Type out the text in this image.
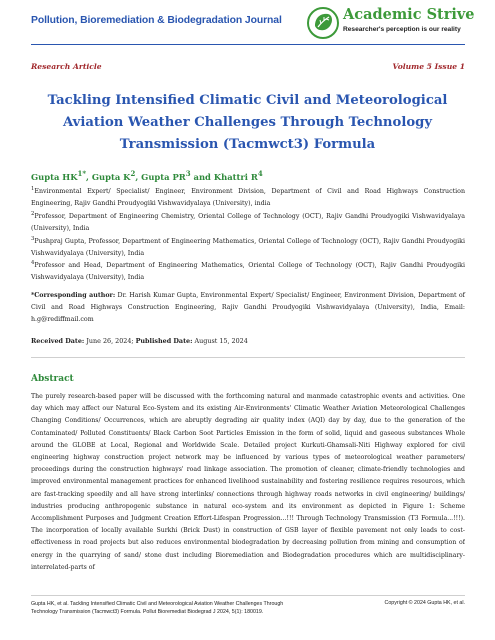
Pollution, Bioremediation & Biodegradation Journal	Academic Strive
Researcher's perception is our reality
Research Article	Volume 5 Issue 1
Tackling Intensified Climatic Civil and Meteorological Aviation Weather Challenges Through Technology Transmission (Tacmwct3) Formula
Gupta $HK^{1*}$, Gupta $K^2$, Gupta $PR^3$ and Khattri $R^4$
$^1$Environmental Expert/ Specialist/ Engineer, Environment Division, Department of Civil and Road Highways Construction Engineering, Rajiv Gandhi Proudyogiki Vishwavidyalaya (University), india
$^2$Professor, Department of Engineering Chemistry, Oriental College of Technology (OCT), Rajiv Gandhi Proudyogiki Vishwavidyalaya (University), India
$^3$Pushpraj Gupta, Professor, Department of Engineering Mathematics, Oriental College of Technology (OCT), Rajiv Gandhi Proudyogiki Vishwavidyalaya (University), India
$^4$Professor and Head, Department of Engineering Mathematics, Oriental College of Technology (OCT), Rajiv Gandhi Proudyogiki Vishwavidyalaya (University), India
*Corresponding author: Dr. Harish Kumar Gupta, Environmental Expert/ Specialist/ Engineer, Environment Division, Department of Civil and Road Highways Construction Engineering, Rajiv Gandhi Proudyogiki Vishwavidyalaya (University), India, Email: h.g@rediffmail.com
Received Date: June 26, 2024; Published Date: August 15, 2024
Abstract
The purely research-based paper will be discussed with the forthcoming natural and manmade catastrophic events and activities. One day which may affect our Natural Eco-System and its existing Air-Environments' Climatic Weather Aviation Meteorological Challenges Changing Conditions/ Occurrences, which are abruptly degrading air quality index (AQI) day by day, due to the generation of the Contaminated/ Polluted Constituents/ Black Carbon Soot Particles Emission in the form of solid, liquid and gaseous substances Whole around the GLOBE at Local, Regional and Worldwide Scale. Detailed project Kurkuti-Ghamsali-Niti Highway explored for civil engineering highway construction project network may be influenced by various types of meteorological weather parameters/ proceedings during the construction highways' road linkage association. The promotion of cleaner, climate-friendly technologies and improved environmental management practices for enhanced livelihood sustainability and fostering resilience requires resources, which are fast-tracking speedily and all have strong interlinks/ connections through highway roads networks in civil engineering/ buildings/ industries producing anthropogenic substance in natural eco-system and its environment as depicted in Figure 1: Scheme Accomplishment Purposes and Judgment Creation Effort-Lifespan Progression...!!! Through Technology Transmission (T3 Formula...!!!). The incorporation of locally available Surkhi (Brick Dust) in construction of GSB layer of flexible pavement not only leads to cost-effectiveness in road projects but also reduces environmental biodegradation by decreasing pollution from mining and consumption of energy in the quarrying of sand/ stone dust including Bioremediation and Biodegradation procedures which are multidisciplinary-interrelated-parts of
Gupta HK, et al. Tackling Intensified Climatic Civil and Meteorological Aviation Weather Challenges Through Technology Transmission (Tacmwct3) Formula. Pollut Bioremediat Biodegrad J 2024, 5(1): 180019.
Copyright © 2024 Gupta HK, et al.
